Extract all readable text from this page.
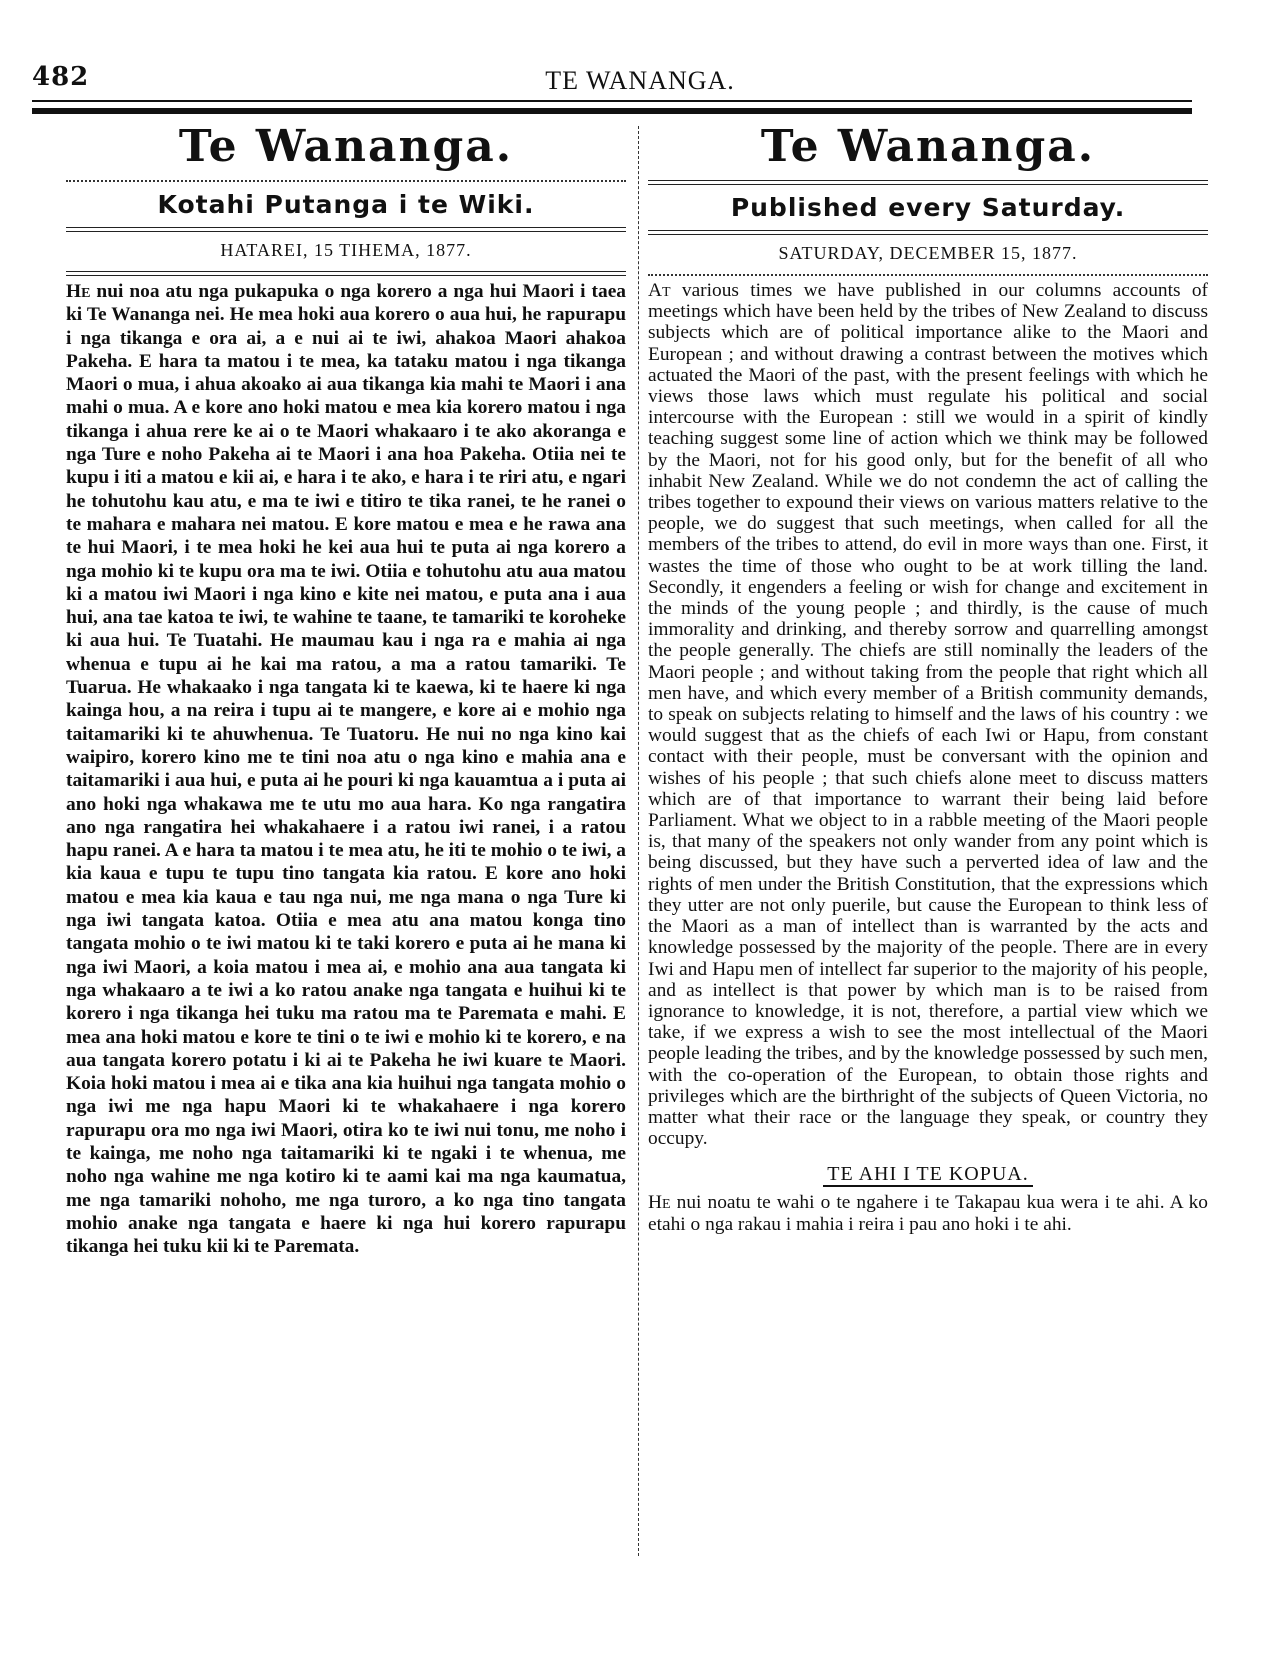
482	TE WANANGA.
Te Wananga.
Kotahi Putanga i te Wiki.
HATAREI, 15 TIHEMA, 1877.

He nui noa atu nga pukapuka o nga korero a nga hui Maori i taea ki Te Wananga nei. He mea hoki aua korero o aua hui, he rapurapu i nga tikanga e ora ai, a e nui ai te iwi, ahakoa Maori ahakoa Pakeha. E hara ta matou i te mea, ka tataku matou i nga tikanga Maori o mua, i ahua akoako ai aua tikanga kia mahi te Maori i ana mahi o mua. A e kore ano hoki matou e mea kia korero matou i nga tikanga i ahua rere ke ai o te Maori whakaaro i te ako akoranga e nga Ture e noho Pakeha ai te Maori i ana hoa Pakeha. Otiia nei te kupu i iti a matou e kii ai, e hara i te ako, e hara i te riri atu, e ngari he tohutohu kau atu, e ma te iwi e titiro te tika ranei, te he ranei o te mahara e mahara nei matou. E kore matou e mea e he rawa ana te hui Maori, i te mea hoki he kei aua hui te puta ai nga korero a nga mohio ki te kupu ora ma te iwi. Otiia e tohutohu atu aua matou ki a matou iwi Maori i nga kino e kite nei matou, e puta ana i aua hui, ana tae katoa te iwi, te wahine te taane, te tamariki te koroheke ki aua hui. Te Tuatahi. He maumau kau i nga ra e mahia ai nga whenua e tupu ai he kai ma ratou, a ma a ratou tamariki. Te Tuarua. He whakaako i nga tangata ki te kaewa, ki te haere ki nga kainga hou, a na reira i tupu ai te mangere, e kore ai e mohio nga taitamariki ki te ahuwhenua. Te Tuatoru. He nui no nga kino kai waipiro, korero kino me te tini noa atu o nga kino e mahia ana e taitamariki i aua hui, e puta ai he pouri ki nga kauamtua a i puta ai ano hoki nga whakawa me te utu mo aua hara. Ko nga rangatira ano nga rangatira hei whakahaere i a ratou iwi ranei, i a ratou hapu ranei. A e hara ta matou i te mea atu, he iti te mohio o te iwi, a kia kaua e tupu te tupu tino tangata kia ratou. E kore ano hoki matou e mea kia kaua e tau nga nui, me nga mana o nga Ture ki nga iwi tangata katoa. Otiia e mea atu ana matou konga tino tangata mohio o te iwi matou ki te taki korero e puta ai he mana ki nga iwi Maori, a koia matou i mea ai, e mohio ana aua tangata ki nga whakaaro a te iwi a ko ratou anake nga tangata e huihui ki te korero i nga tikanga hei tuku ma ratou ma te Paremata e mahi. E mea ana hoki matou e kore te tini o te iwi e mohio ki te korero, e na aua tangata korero potatu i ki ai te Pakeha he iwi kuare te Maori. Koia hoki matou i mea ai e tika ana kia huihui nga tangata mohio o nga iwi me nga hapu Maori ki te whakahaere i nga korero rapurapu ora mo nga iwi Maori, otira ko te iwi nui tonu, me noho i te kainga, me noho nga taitamariki ki te ngaki i te whenua, me noho nga wahine me nga kotiro ki te aami kai ma nga kaumatua, me nga tamariki nohoho, me nga turoro, a ko nga tino tangata mohio anake nga tangata e haere ki nga hui korero rapurapu tikanga hei tuku kii ki te Paremata.

Te Wananga.
Published every Saturday.
SATURDAY, DECEMBER 15, 1877.

At various times we have published in our columns accounts of meetings which have been held by the tribes of New Zealand to discuss subjects which are of political importance alike to the Maori and European ; and without drawing a contrast between the motives which actuated the Maori of the past, with the present feelings with which he views those laws which must regulate his political and social intercourse with the European : still we would in a spirit of kindly teaching suggest some line of action which we think may be followed by the Maori, not for his good only, but for the benefit of all who inhabit New Zealand. While we do not condemn the act of calling the tribes together to expound their views on various matters relative to the people, we do suggest that such meetings, when called for all the members of the tribes to attend, do evil in more ways than one. First, it wastes the time of those who ought to be at work tilling the land. Secondly, it engenders a feeling or wish for change and excitement in the minds of the young people ; and thirdly, is the cause of much immorality and drinking, and thereby sorrow and quarrelling amongst the people generally. The chiefs are still nominally the leaders of the Maori people ; and without taking from the people that right which all men have, and which every member of a British community demands, to speak on subjects relating to himself and the laws of his country : we would suggest that as the chiefs of each Iwi or Hapu, from constant contact with their people, must be conversant with the opinion and wishes of his people ; that such chiefs alone meet to discuss matters which are of that importance to warrant their being laid before Parliament. What we object to in a rabble meeting of the Maori people is, that many of the speakers not only wander from any point which is being discussed, but they have such a perverted idea of law and the rights of men under the British Constitution, that the expressions which they utter are not only puerile, but cause the European to think less of the Maori as a man of intellect than is warranted by the acts and knowledge possessed by the majority of the people. There are in every Iwi and Hapu men of intellect far superior to the majority of his people, and as intellect is that power by which man is to be raised from ignorance to knowledge, it is not, therefore, a partial view which we take, if we express a wish to see the most intellectual of the Maori people leading the tribes, and by the knowledge possessed by such men, with the co-operation of the European, to obtain those rights and privileges which are the birthright of the subjects of Queen Victoria, no matter what their race or the language they speak, or country they occupy.

TE AHI I TE KOPUA.

He nui noatu te wahi o te ngahere i te Takapau kua wera i te ahi. A ko etahi o nga rakau i mahia i reira i pau ano hoki i te ahi.
